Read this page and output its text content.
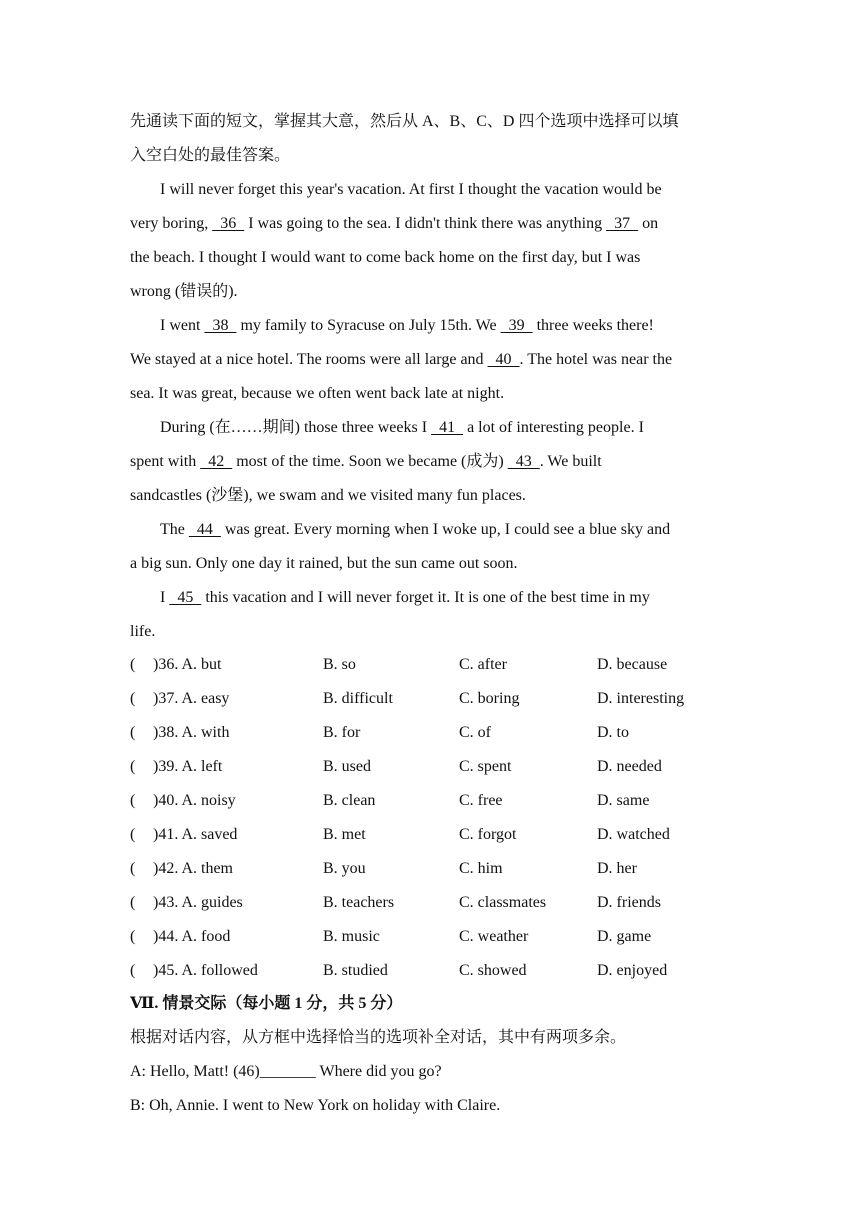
先通读下面的短文，掌握其大意，然后从 A、B、C、D 四个选项中选择可以填
入空白处的最佳答案。
I will never forget this year's vacation. At first I thought the vacation would be
very boring,   36   I was going to the sea. I didn't think there was anything   37   on
the beach. I thought I would want to come back home on the first day, but I was
wrong (错误的).
I went   38   my family to Syracuse on July 15th. We   39   three weeks there!
We stayed at a nice hotel. The rooms were all large and   40  . The hotel was near the
sea. It was great, because we often went back late at night.
During (在……期间) those three weeks I   41   a lot of interesting people. I
spent with   42   most of the time. Soon we became (成为)   43  . We built
sandcastles (沙堡), we swam and we visited many fun places.
The   44   was great. Every morning when I woke up, I could see a blue sky and
a big sun. Only one day it rained, but the sun came out soon.
I   45   this vacation and I will never forget it. It is one of the best time in my
life.
( )36. A. but	B. so	C. after	D. because
( )37. A. easy	B. difficult	C. boring	D. interesting
( )38. A. with	B. for	C. of	D. to
( )39. A. left	B. used	C. spent	D. needed
( )40. A. noisy	B. clean	C. free	D. same
( )41. A. saved	B. met	C. forgot	D. watched
( )42. A. them	B. you	C. him	D. her
( )43. A. guides	B. teachers	C. classmates	D. friends
( )44. A. food	B. music	C. weather	D. game
( )45. A. followed	B. studied	C. showed	D. enjoyed
Ⅶ. 情景交际（每小题 1 分，共 5 分）
根据对话内容，从方框中选择恰当的选项补全对话，其中有两项多余。
A: Hello, Matt! (46)_______ Where did you go?
B: Oh, Annie. I went to New York on holiday with Claire.
